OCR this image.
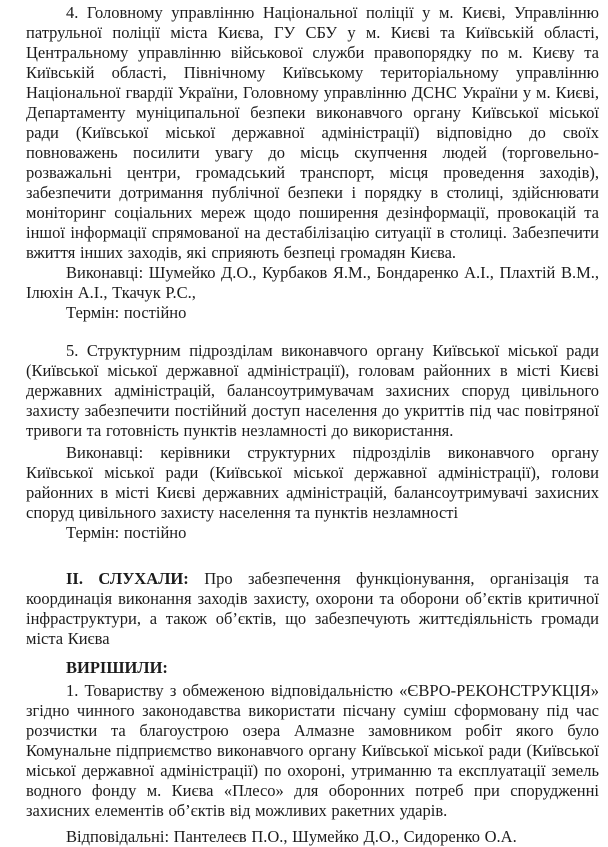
4. Головному управлінню Національної поліції у м. Києві, Управлінню патрульної поліції міста Києва, ГУ СБУ у м. Києві та Київській області, Центральному управлінню військової служби правопорядку по м. Києву та Київській області, Північному Київському територіальному управлінню Національної гвардії України, Головному управлінню ДСНС України у м. Києві, Департаменту муніципальної безпеки виконавчого органу Київської міської ради (Київської міської державної адміністрації) відповідно до своїх повноважень посилити увагу до місць скупчення людей (торговельно-розважальні центри, громадський транспорт, місця проведення заходів), забезпечити дотримання публічної безпеки і порядку в столиці, здійснювати моніторинг соціальних мереж щодо поширення дезінформації, провокацій та іншої інформації спрямованої на дестабілізацію ситуації в столиці. Забезпечити вжиття інших заходів, які сприяють безпеці громадян Києва.

Виконавці: Шумейко Д.О., Курбаков Я.М., Бондаренко А.І., Плахтій В.М., Ілюхін А.І., Ткачук Р.С.,

Термін: постійно

5. Структурним підрозділам виконавчого органу Київської міської ради (Київської міської державної адміністрації), головам районних в місті Києві державних адміністрацій, балансоутримувачам захисних споруд цивільного захисту забезпечити постійний доступ населення до укриттів під час повітряної тривоги та готовність пунктів незламності до використання.

Виконавці: керівники структурних підрозділів виконавчого органу Київської міської ради (Київської міської державної адміністрації), голови районних в місті Києві державних адміністрацій, балансоутримувачі захисних споруд цивільного захисту населення та пунктів незламності

Термін: постійно

ІІ. СЛУХАЛИ: Про забезпечення функціонування, організація та координація виконання заходів захисту, охорони та оборони об’єктів критичної інфраструктури, а також об’єктів, що забезпечують життєдіяльність громади міста Києва

ВИРІШИЛИ:

1. Товариству з обмеженою відповідальністю «ЄВРО-РЕКОНСТРУКЦІЯ» згідно чинного законодавства використати пісчану суміш сформовану під час розчистки та благоустрою озера Алмазне замовником робіт якого було Комунальне підприємство виконавчого органу Київської міської ради (Київської міської державної адміністрації) по охороні, утриманню та експлуатації земель водного фонду м. Києва «Плесо» для оборонних потреб при спорудженні захисних елементів об’єктів від можливих ракетних ударів.

Відповідальні: Пантелеєв П.О., Шумейко Д.О., Сидоренко О.А.
